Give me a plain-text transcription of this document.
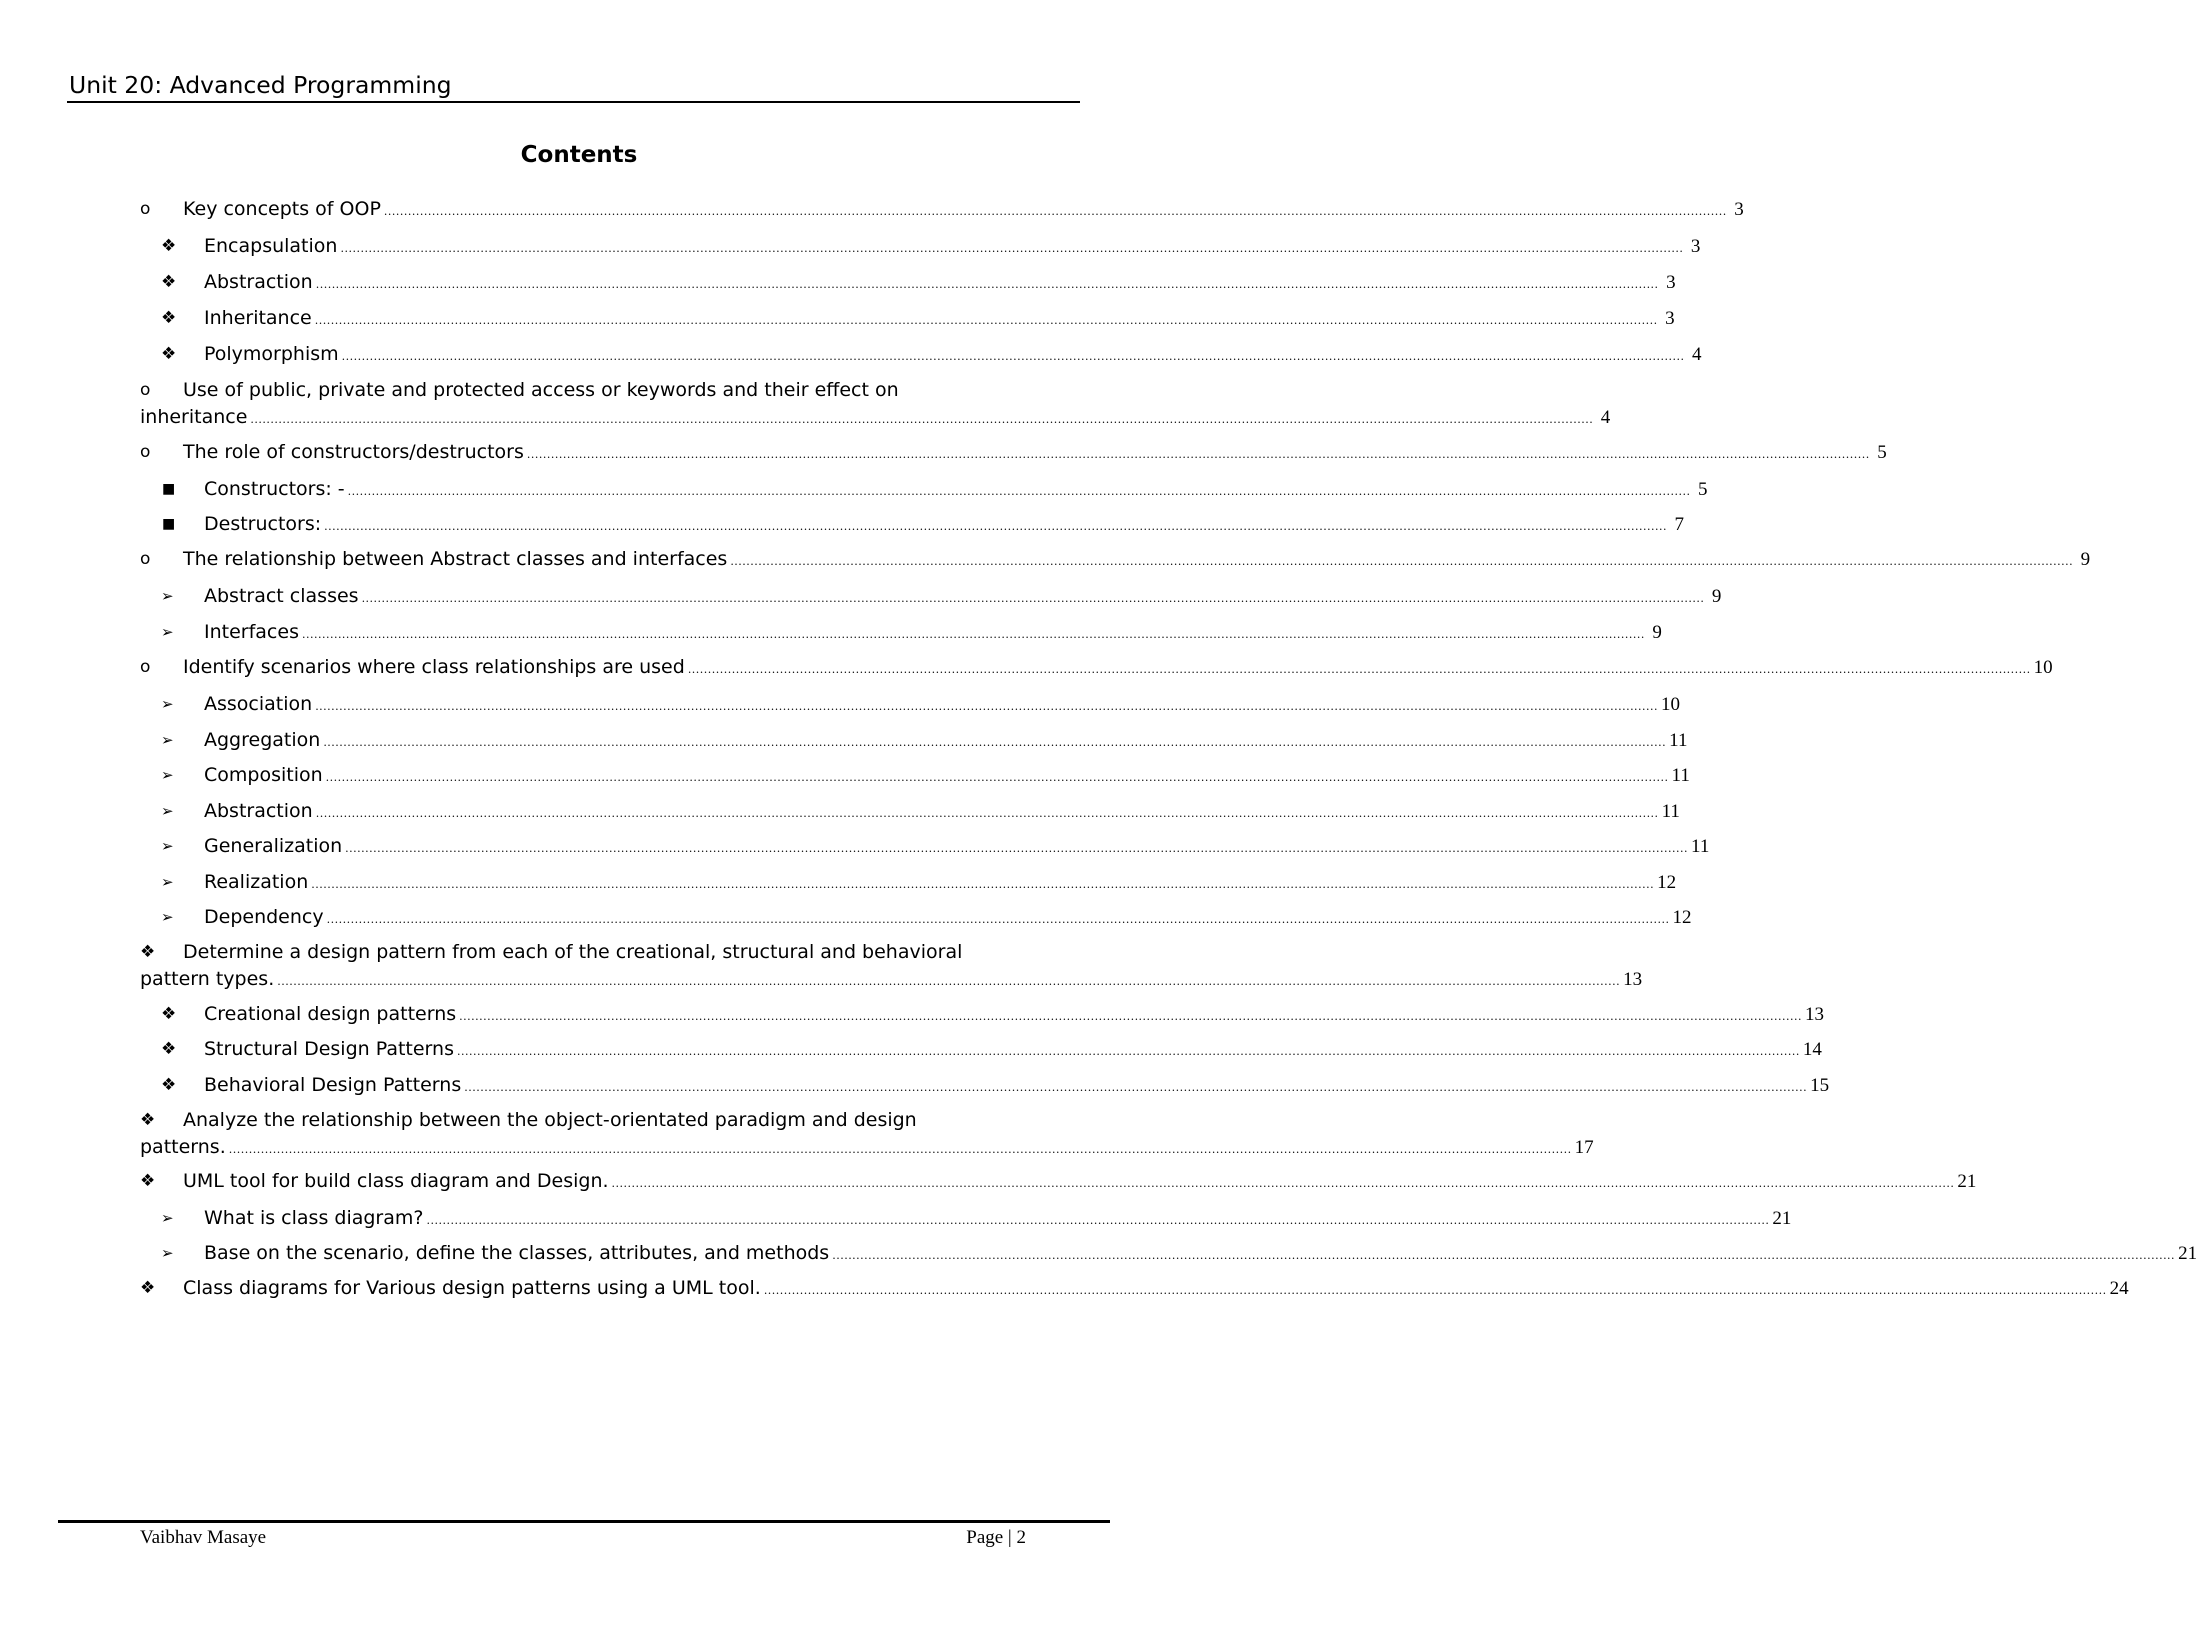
Unit 20: Advanced Programming
Contents
o Key concepts of OOP ................................................................................................................................................................................................................................................................................................................................................ 3
❖ Encapsulation ................................................................................................................................................................................................................................................................................................................................................ 3
❖ Abstraction ................................................................................................................................................................................................................................................................................................................................................ 3
❖ Inheritance ................................................................................................................................................................................................................................................................................................................................................ 3
❖ Polymorphism ................................................................................................................................................................................................................................................................................................................................................ 4
o Use of public, private and protected access or keywords and their effect on
inheritance ................................................................................................................................................................................................................................................................................................................................................ 4
o The role of constructors/destructors ................................................................................................................................................................................................................................................................................................................................................ 5
■ Constructors: - ................................................................................................................................................................................................................................................................................................................................................ 5
■ Destructors: ................................................................................................................................................................................................................................................................................................................................................ 7
o The relationship between Abstract classes and interfaces ................................................................................................................................................................................................................................................................................................................................................ 9
➢ Abstract classes ................................................................................................................................................................................................................................................................................................................................................ 9
➢ Interfaces ................................................................................................................................................................................................................................................................................................................................................ 9
o Identify scenarios where class relationships are used ................................................................................................................................................................................................................................................................................................................................................ 10
➢ Association ................................................................................................................................................................................................................................................................................................................................................ 10
➢ Aggregation ................................................................................................................................................................................................................................................................................................................................................ 11
➢ Composition ................................................................................................................................................................................................................................................................................................................................................ 11
➢ Abstraction ................................................................................................................................................................................................................................................................................................................................................ 11
➢ Generalization ................................................................................................................................................................................................................................................................................................................................................ 11
➢ Realization ................................................................................................................................................................................................................................................................................................................................................ 12
➢ Dependency ................................................................................................................................................................................................................................................................................................................................................ 12
❖ Determine a design pattern from each of the creational, structural and behavioral
pattern types. ................................................................................................................................................................................................................................................................................................................................................ 13
❖ Creational design patterns ................................................................................................................................................................................................................................................................................................................................................ 13
❖ Structural Design Patterns ................................................................................................................................................................................................................................................................................................................................................ 14
❖ Behavioral Design Patterns ................................................................................................................................................................................................................................................................................................................................................ 15
❖ Analyze the relationship between the object-orientated paradigm and design
patterns. ................................................................................................................................................................................................................................................................................................................................................ 17
❖ UML tool for build class diagram and Design. ................................................................................................................................................................................................................................................................................................................................................ 21
➢ What is class diagram? ................................................................................................................................................................................................................................................................................................................................................ 21
➢ Base on the scenario, define the classes, attributes, and methods ................................................................................................................................................................................................................................................................................................................................................ 21
❖ Class diagrams for Various design patterns using a UML tool. ................................................................................................................................................................................................................................................................................................................................................ 24
Vaibhav Masaye	Page | 2
